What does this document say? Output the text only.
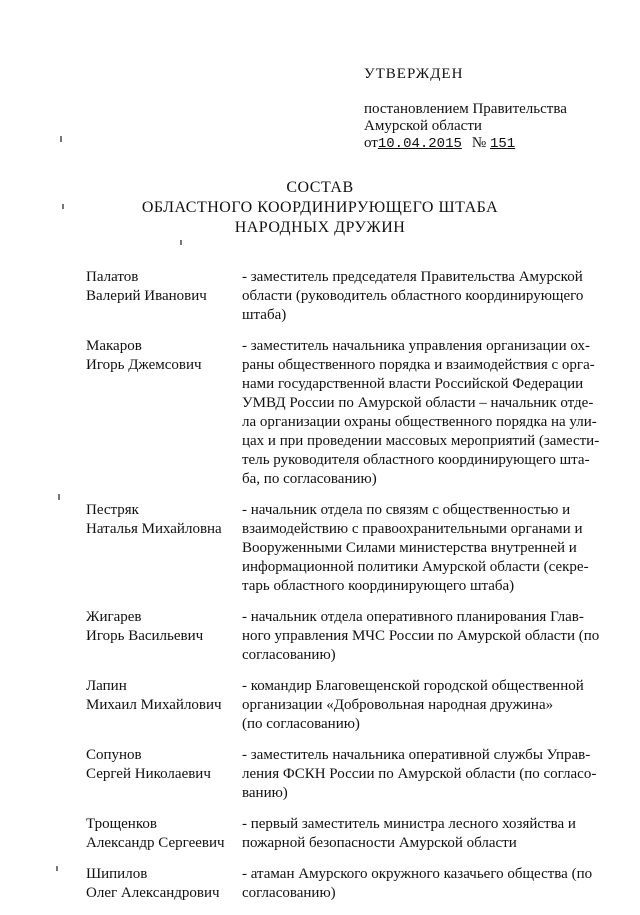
УТВЕРЖДЕН
постановлением Правительства
Амурской области
от10.04.2015 № 151
СОСТАВ
ОБЛАСТНОГО КООРДИНИРУЮЩЕГО ШТАБА
НАРОДНЫХ ДРУЖИН
Палатов
Валерий Иванович
- заместитель председателя Правительства Амурской
области (руководитель областного координирующего
штаба)
Макаров
Игорь Джемсович
- заместитель начальника управления организации ох-
раны общественного порядка и взаимодействия с орга-
нами государственной власти Российской Федерации
УМВД России по Амурской области – начальник отде-
ла организации охраны общественного порядка на ули-
цах и при проведении массовых мероприятий (замести-
тель руководителя областного координирующего шта-
ба, по согласованию)
Пестряк
Наталья Михайловна
- начальник отдела по связям с общественностью и
взаимодействию с правоохранительными органами и
Вооруженными Силами министерства внутренней и
информационной политики Амурской области (секре-
тарь областного координирующего штаба)
Жигарев
Игорь Васильевич
- начальник отдела оперативного планирования Глав-
ного управления МЧС России по Амурской области (по
согласованию)
Лапин
Михаил Михайлович
- командир Благовещенской городской общественной
организации «Добровольная народная дружина»
(по согласованию)
Сопунов
Сергей Николаевич
- заместитель начальника оперативной службы Управ-
ления ФСКН России по Амурской области (по согласо-
ванию)
Трощенков
Александр Сергеевич
- первый заместитель министра лесного хозяйства и
пожарной безопасности Амурской области
Шипилов
Олег Александрович
- атаман Амурского окружного казачьего общества (по
согласованию)
